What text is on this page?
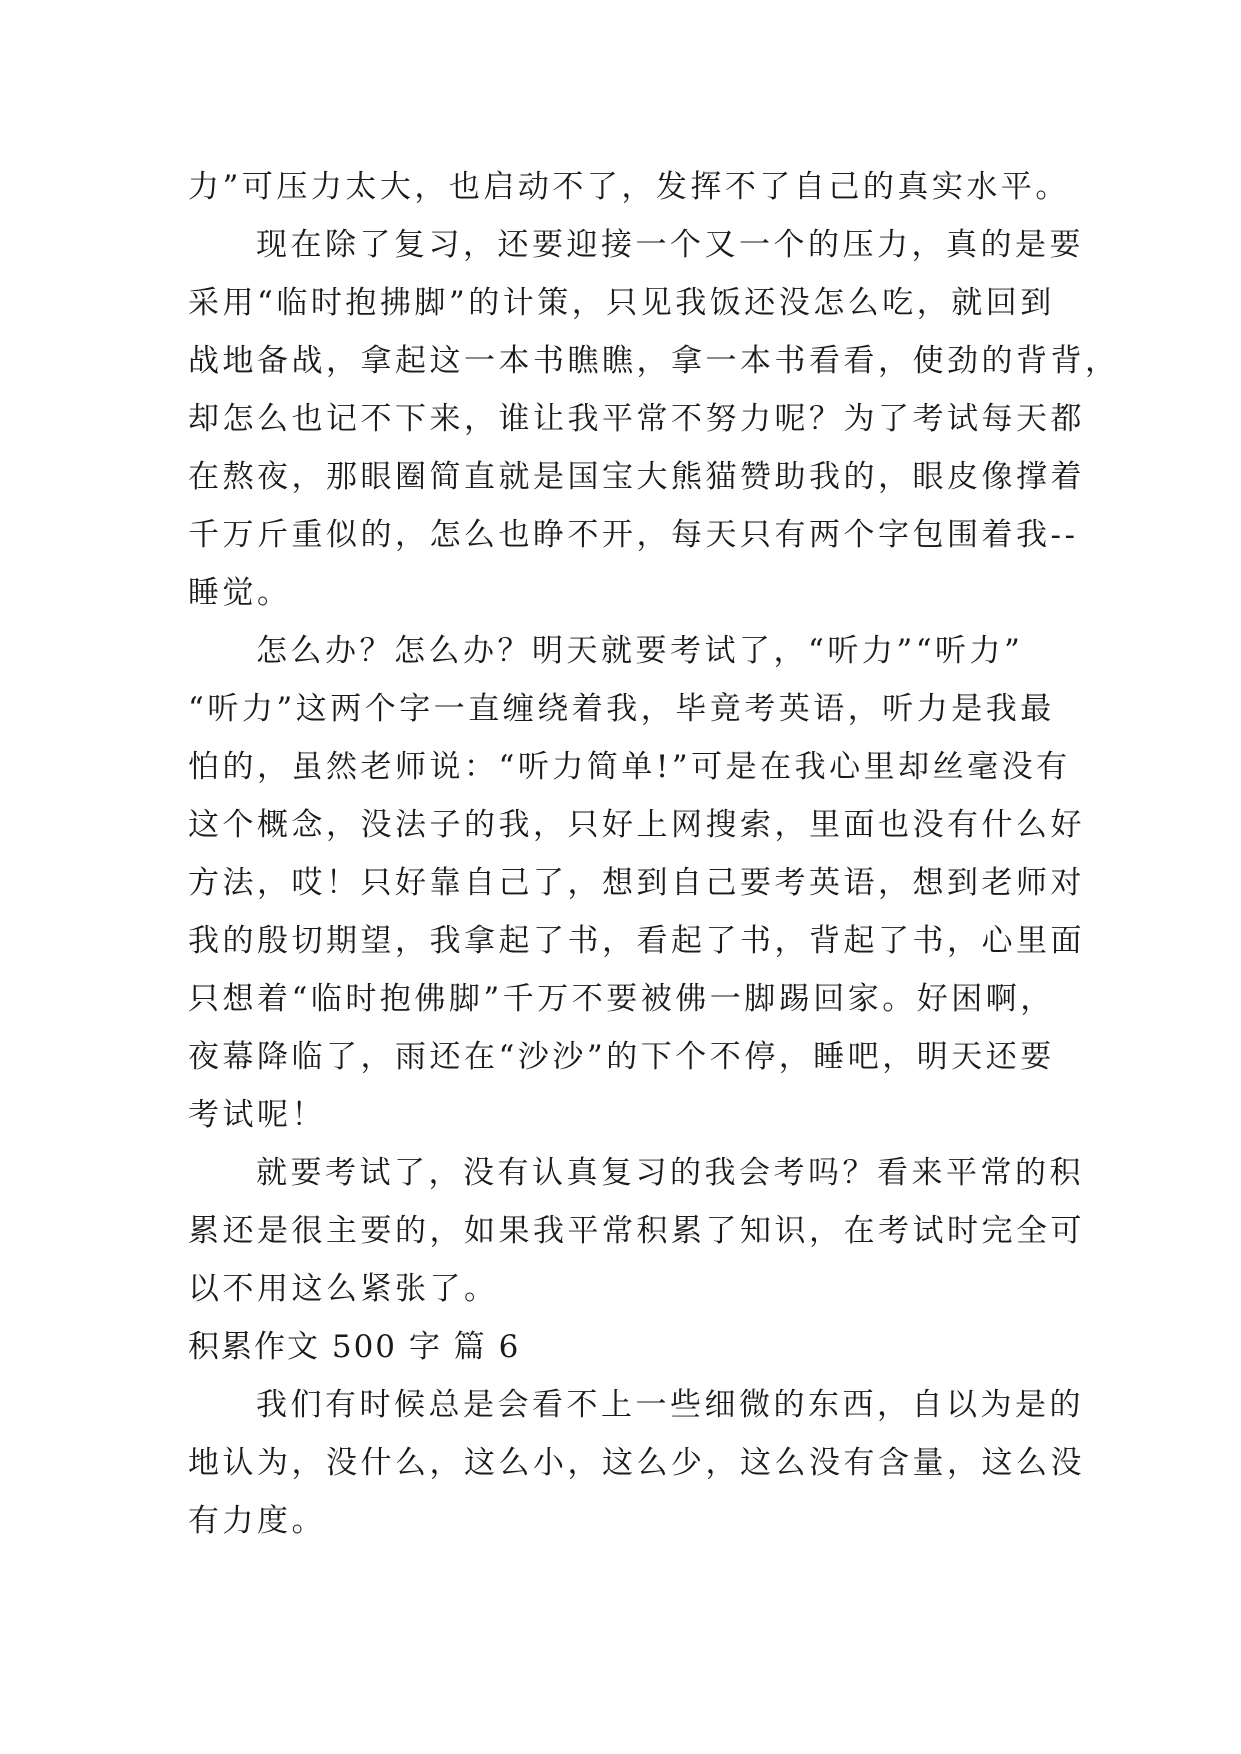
力”可压力太大，也启动不了，发挥不了自己的真实水平。

现在除了复习，还要迎接一个又一个的压力，真的是要

采用“临时抱拂脚”的计策，只见我饭还没怎么吃，就回到

战地备战，拿起这一本书瞧瞧，拿一本书看看，使劲的背背，

却怎么也记不下来，谁让我平常不努力呢？为了考试每天都

在熬夜，那眼圈简直就是国宝大熊猫赞助我的，眼皮像撑着

千万斤重似的，怎么也睁不开，每天只有两个字包围着我--

睡觉。

怎么办？怎么办？明天就要考试了，“听力”“听力”

“听力”这两个字一直缠绕着我，毕竟考英语，听力是我最

怕的，虽然老师说：“听力简单!”可是在我心里却丝毫没有

这个概念，没法子的我，只好上网搜索，里面也没有什么好

方法，哎！只好靠自己了，想到自己要考英语，想到老师对

我的殷切期望，我拿起了书，看起了书，背起了书，心里面

只想着“临时抱佛脚”千万不要被佛一脚踢回家。好困啊，

夜幕降临了，雨还在“沙沙”的下个不停，睡吧，明天还要

考试呢！

就要考试了，没有认真复习的我会考吗？看来平常的积

累还是很主要的，如果我平常积累了知识，在考试时完全可

以不用这么紧张了。

积累作文 500 字 篇 6

我们有时候总是会看不上一些细微的东西，自以为是的

地认为，没什么，这么小，这么少，这么没有含量，这么没

有力度。
